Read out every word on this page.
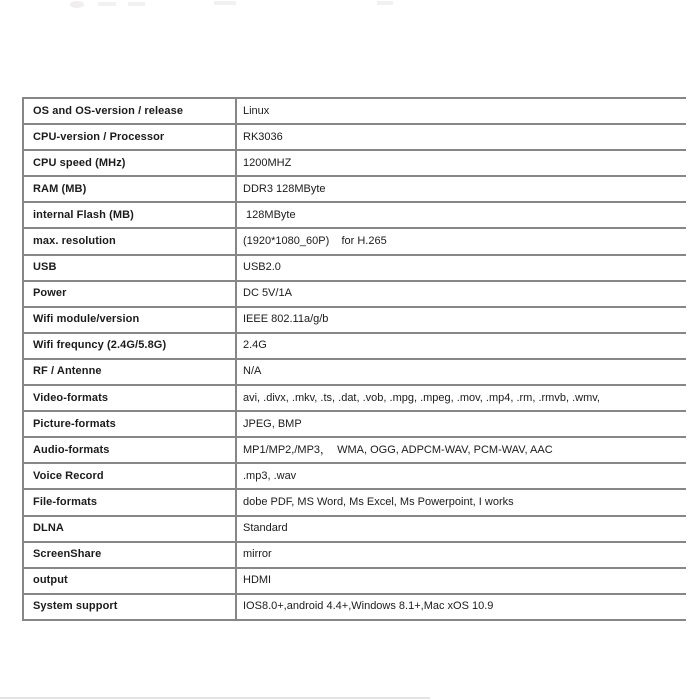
OS and OS-version / release	Linux
CPU-version / Processor	RK3036
CPU speed (MHz)	1200MHZ
RAM (MB)	DDR3 128MByte
internal Flash (MB)	128MByte
max. resolution	(1920*1080_60P)    for H.265
USB	USB2.0
Power	DC 5V/1A
Wifi module/version	IEEE 802.11a/g/b
Wifi frequncy (2.4G/5.8G)	2.4G
RF / Antenne	N/A
Video-formats	avi, .divx, .mkv, .ts, .dat, .vob, .mpg, .mpeg, .mov, .mp4, .rm, .rmvb, .wmv,
Picture-formats	JPEG, BMP
Audio-formats	MP1/MP2,/MP3，  WMA, OGG, ADPCM-WAV, PCM-WAV, AAC
Voice Record	.mp3, .wav
File-formats	dobe PDF, MS Word, Ms Excel, Ms Powerpoint, I works
DLNA	Standard
ScreenShare	mirror
output	HDMI
System support	IOS8.0+,android 4.4+,Windows 8.1+,Mac xOS 10.9
